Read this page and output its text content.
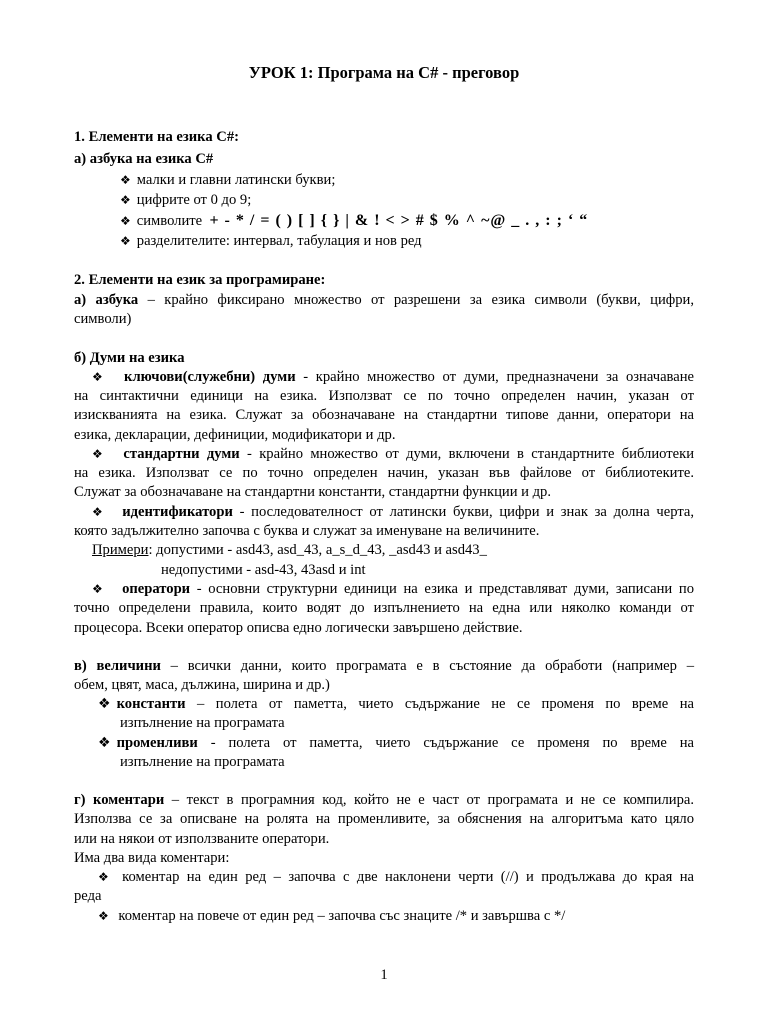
УРОК 1: Програма на C# - преговор
1. Елементи на езика C#:
а) азбука на езика C#
❖ малки и главни латински букви;
❖ цифрите от 0 до 9;
❖ символите + - * / = ( ) [ ] { } | & ! < > # $ % ^ ~@ _ . , : ; ‘ “
❖ разделителите: интервал, табулация и нов ред
2. Елементи на език за програмиране:
а) азбука – крайно фиксирано множество от разрешени за езика символи (букви, цифри,
символи)
б) Думи на езика
❖ ключови(служебни) думи - крайно множество от думи, предназначени за означаване
на синтактични единици на езика. Използват се по точно определен начин, указан от
изискванията на езика. Служат за обозначаване на стандартни типове данни, оператори на
езика, декларации, дефиниции, модификатори и др.
❖ стандартни думи - крайно множество от думи, включени в стандартните библиотеки
на езика. Използват се по точно определен начин, указан във файлове от библиотеките.
Служат за обозначаване на стандартни константи, стандартни функции и др.
❖ идентификатори - последователност от латински букви, цифри и знак за долна черта,
която задължително започва с буква и служат за именуване на величините.
Примери: допустими - asd43, asd_43, a_s_d_43, _asd43 и asd43_
недопустими - asd-43, 43asd и int
❖ оператори - основни структурни единици на езика и представляват думи, записани по
точно определени правила, които водят до изпълнението на една или няколко команди от
процесора. Всеки оператор описва едно логически завършено действие.
в) величини – всички данни, които програмата е в състояние да обработи (например –
обем, цвят, маса, дължина, ширина и др.)
❖ константи – полета от паметта, чието съдържание не се променя по време на
изпълнение на програмата
❖ променливи - полета от паметта, чието съдържание се променя по време на
изпълнение на програмата
г) коментари – текст в програмния код, който не е част от програмата и не се компилира.
Използва се за описване на ролята на променливите, за обяснения на алгоритъма като цяло
или на някои от използваните оператори.
Има два вида коментари:
❖ коментар на един ред – започва с две наклонени черти (//) и продължава до края на
реда
❖ коментар на повече от един ред – започва със знаците /* и завършва с */
1
